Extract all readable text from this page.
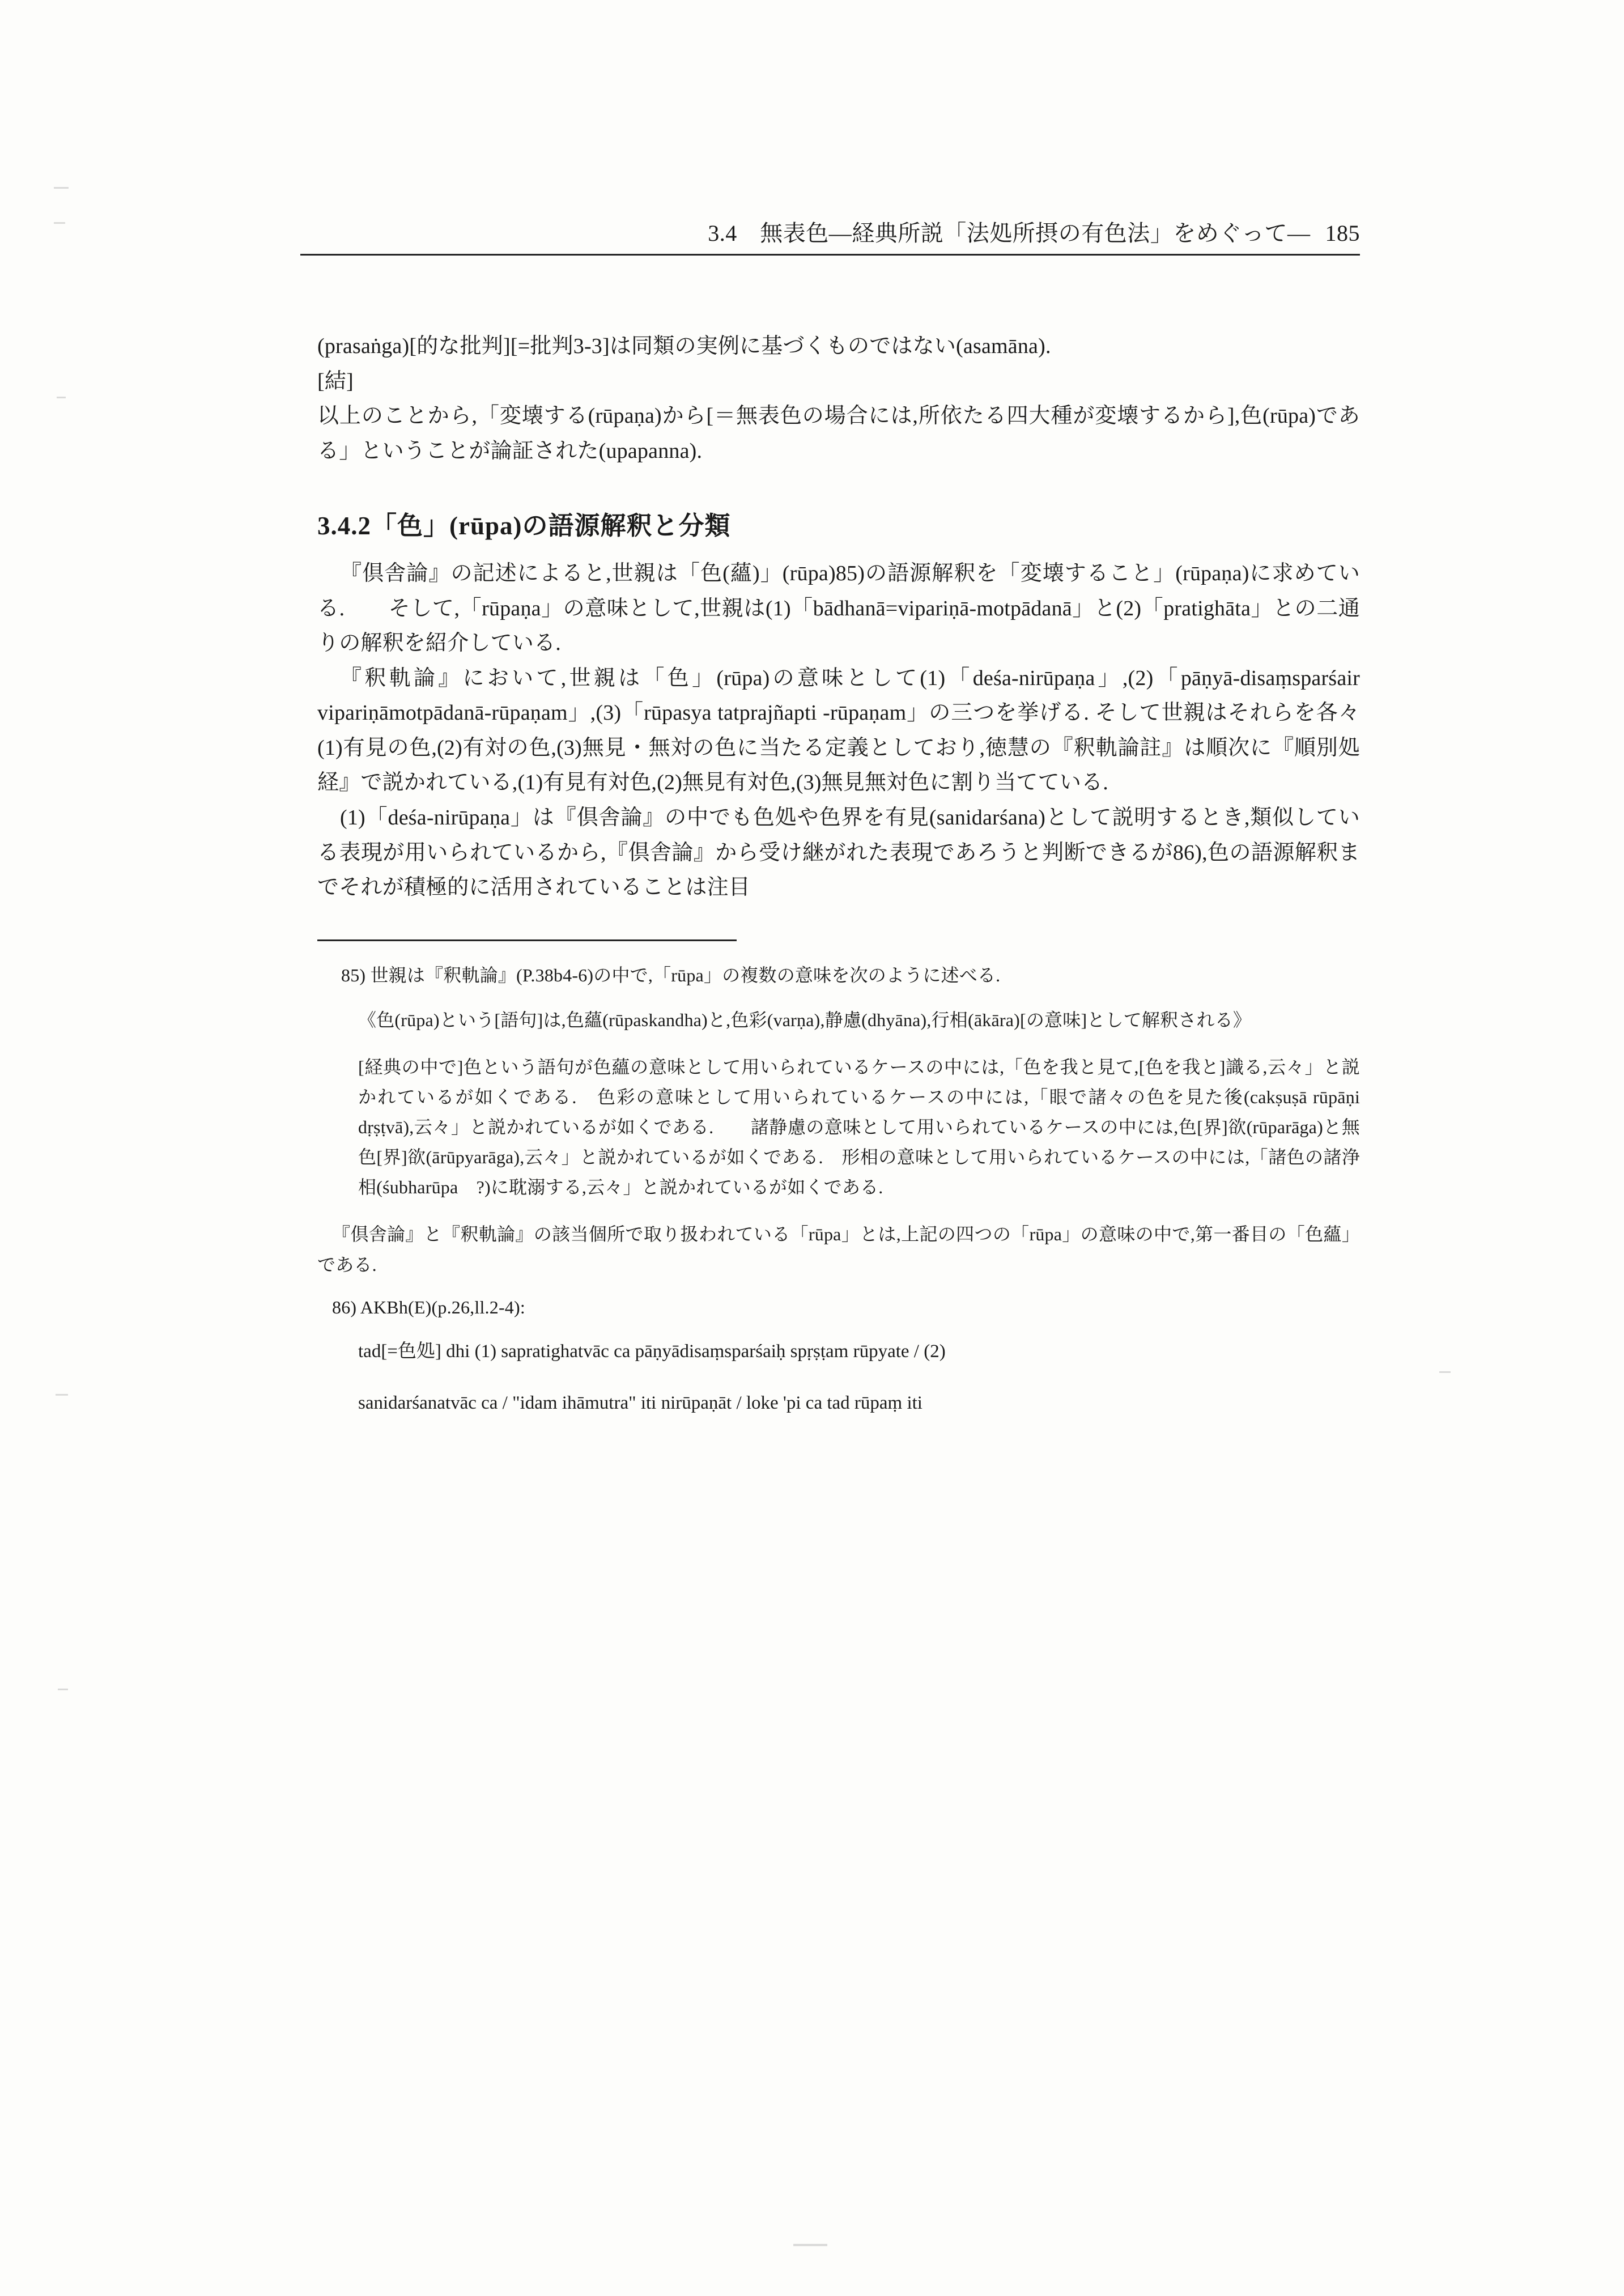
3.4　無表色―経典所説「法処所摂の有色法」をめぐって― 185

(prasaṅga)[的な批判][=批判3-3]は同類の実例に基づくものではない(asamāna).

[結]

以上のことから,「変壊する(rūpaṇa)から[＝無表色の場合には,所依たる四大種が変壊するから],色(rūpa)である」ということが論証された(upapanna).

3.4.2「色」(rūpa)の語源解釈と分類

『倶舎論』の記述によると,世親は「色(蘊)」(rūpa)85)の語源解釈を「変壊すること」(rūpaṇa)に求めている.　　そして,「rūpaṇa」の意味として,世親は(1)「bādhanā=vipariṇā-motpādanā」と(2)「pratighāta」との二通りの解釈を紹介している.

『釈軌論』において,世親は「色」(rūpa)の意味として(1)「deśa-nirūpaṇa」,(2)「pāṇyā-disaṃsparśair vipariṇāmotpādanā-rūpaṇam」,(3)「rūpasya tatprajñapti -rūpaṇam」の三つを挙げる. そして世親はそれらを各々(1)有見の色,(2)有対の色,(3)無見・無対の色に当たる定義としており,徳慧の『釈軌論註』は順次に『順別処経』で説かれている,(1)有見有対色,(2)無見有対色,(3)無見無対色に割り当てている.

(1)「deśa-nirūpaṇa」は『倶舎論』の中でも色処や色界を有見(sanidarśana)として説明するとき,類似している表現が用いられているから,『倶舎論』から受け継がれた表現であろうと判断できるが86),色の語源解釈までそれが積極的に活用されていることは注目

85) 世親は『釈軌論』(P.38b4-6)の中で,「rūpa」の複数の意味を次のように述べる.

《色(rūpa)という[語句]は,色蘊(rūpaskandha)と,色彩(varṇa),静慮(dhyāna),行相(ākāra)[の意味]として解釈される》

[経典の中で]色という語句が色蘊の意味として用いられているケースの中には,「色を我と見て,[色を我と]識る,云々」と説かれているが如くである.　色彩の意味として用いられているケースの中には,「眼で諸々の色を見た後(cakṣuṣā rūpāṇi dṛṣṭvā),云々」と説かれているが如くである.　　諸静慮の意味として用いられているケースの中には,色[界]欲(rūparāga)と無色[界]欲(ārūpyarāga),云々」と説かれているが如くである.　形相の意味として用いられているケースの中には,「諸色の諸浄相(śubharūpa　?)に耽溺する,云々」と説かれているが如くである.

『倶舎論』と『釈軌論』の該当個所で取り扱われている「rūpa」とは,上記の四つの「rūpa」の意味の中で,第一番目の「色蘊」である.

86) AKBh(E)(p.26,ll.2-4):

tad[=色処] dhi (1) sapratighatvāc ca pāṇyādisaṃsparśaiḥ spṛṣṭam rūpyate / (2)

sanidarśanatvāc ca / "idam ihāmutra" iti nirūpaṇāt / loke 'pi ca tad rūpaṃ iti
